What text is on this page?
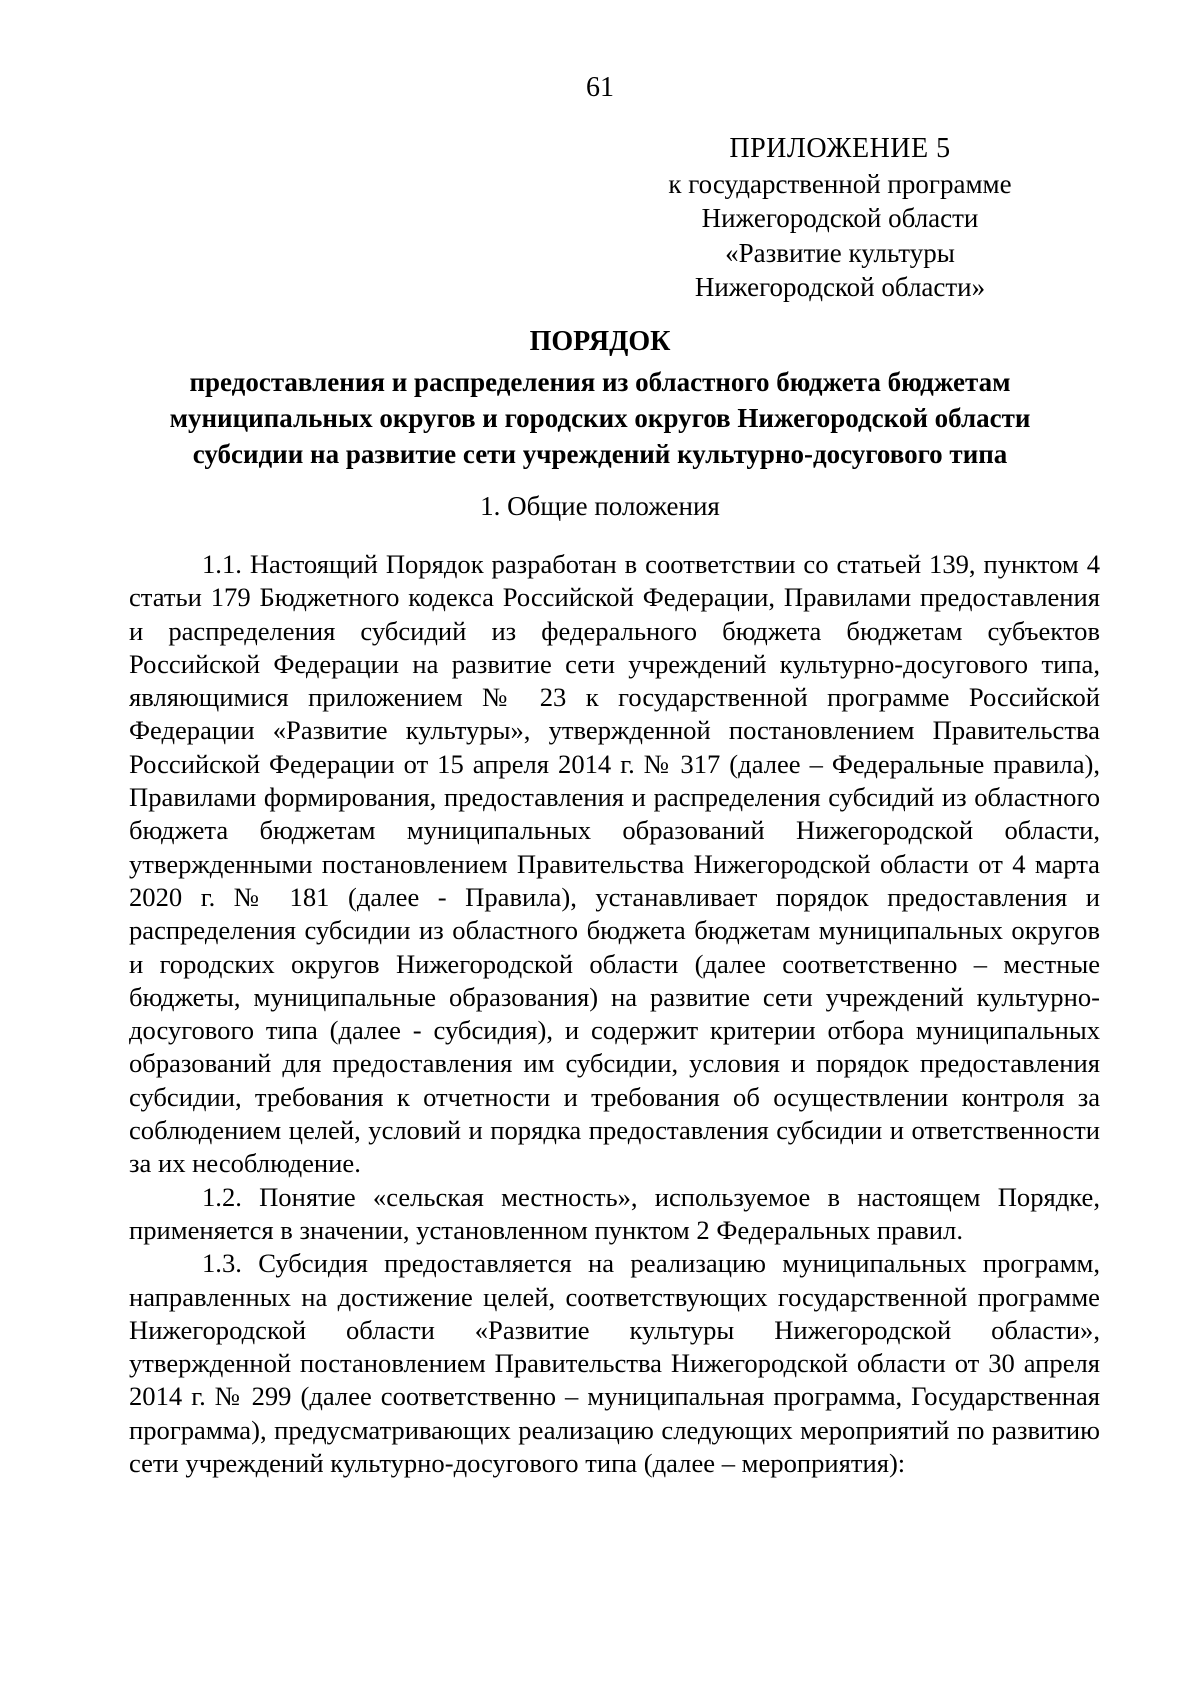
61
ПРИЛОЖЕНИЕ 5
к государственной программе
Нижегородской области
«Развитие культуры
Нижегородской области»
ПОРЯДОК
предоставления и распределения из областного бюджета бюджетам муниципальных округов и городских округов Нижегородской области субсидии на развитие сети учреждений культурно-досугового типа
1. Общие положения

1.1. Настоящий Порядок разработан в соответствии со статьей 139, пунктом 4 статьи 179 Бюджетного кодекса Российской Федерации, Правилами предоставления и распределения субсидий из федерального бюджета бюджетам субъектов Российской Федерации на развитие сети учреждений культурно-досугового типа, являющимися приложением № 23 к государственной программе Российской Федерации «Развитие культуры», утвержденной постановлением Правительства Российской Федерации от 15 апреля 2014 г. № 317 (далее – Федеральные правила), Правилами формирования, предоставления и распределения субсидий из областного бюджета бюджетам муниципальных образований Нижегородской области, утвержденными постановлением Правительства Нижегородской области от 4 марта 2020 г. № 181 (далее - Правила), устанавливает порядок предоставления и распределения субсидии из областного бюджета бюджетам муниципальных округов и городских округов Нижегородской области (далее соответственно – местные бюджеты, муниципальные образования) на развитие сети учреждений культурно-досугового типа (далее - субсидия), и содержит критерии отбора муниципальных образований для предоставления им субсидии, условия и порядок предоставления субсидии, требования к отчетности и требования об осуществлении контроля за соблюдением целей, условий и порядка предоставления субсидии и ответственности за их несоблюдение.

1.2. Понятие «сельская местность», используемое в настоящем Порядке, применяется в значении, установленном пунктом 2 Федеральных правил.

1.3. Субсидия предоставляется на реализацию муниципальных программ, направленных на достижение целей, соответствующих государственной программе Нижегородской области «Развитие культуры Нижегородской области», утвержденной постановлением Правительства Нижегородской области от 30 апреля 2014 г. № 299 (далее соответственно – муниципальная программа, Государственная программа), предусматривающих реализацию следующих мероприятий по развитию сети учреждений культурно-досугового типа (далее – мероприятия):
